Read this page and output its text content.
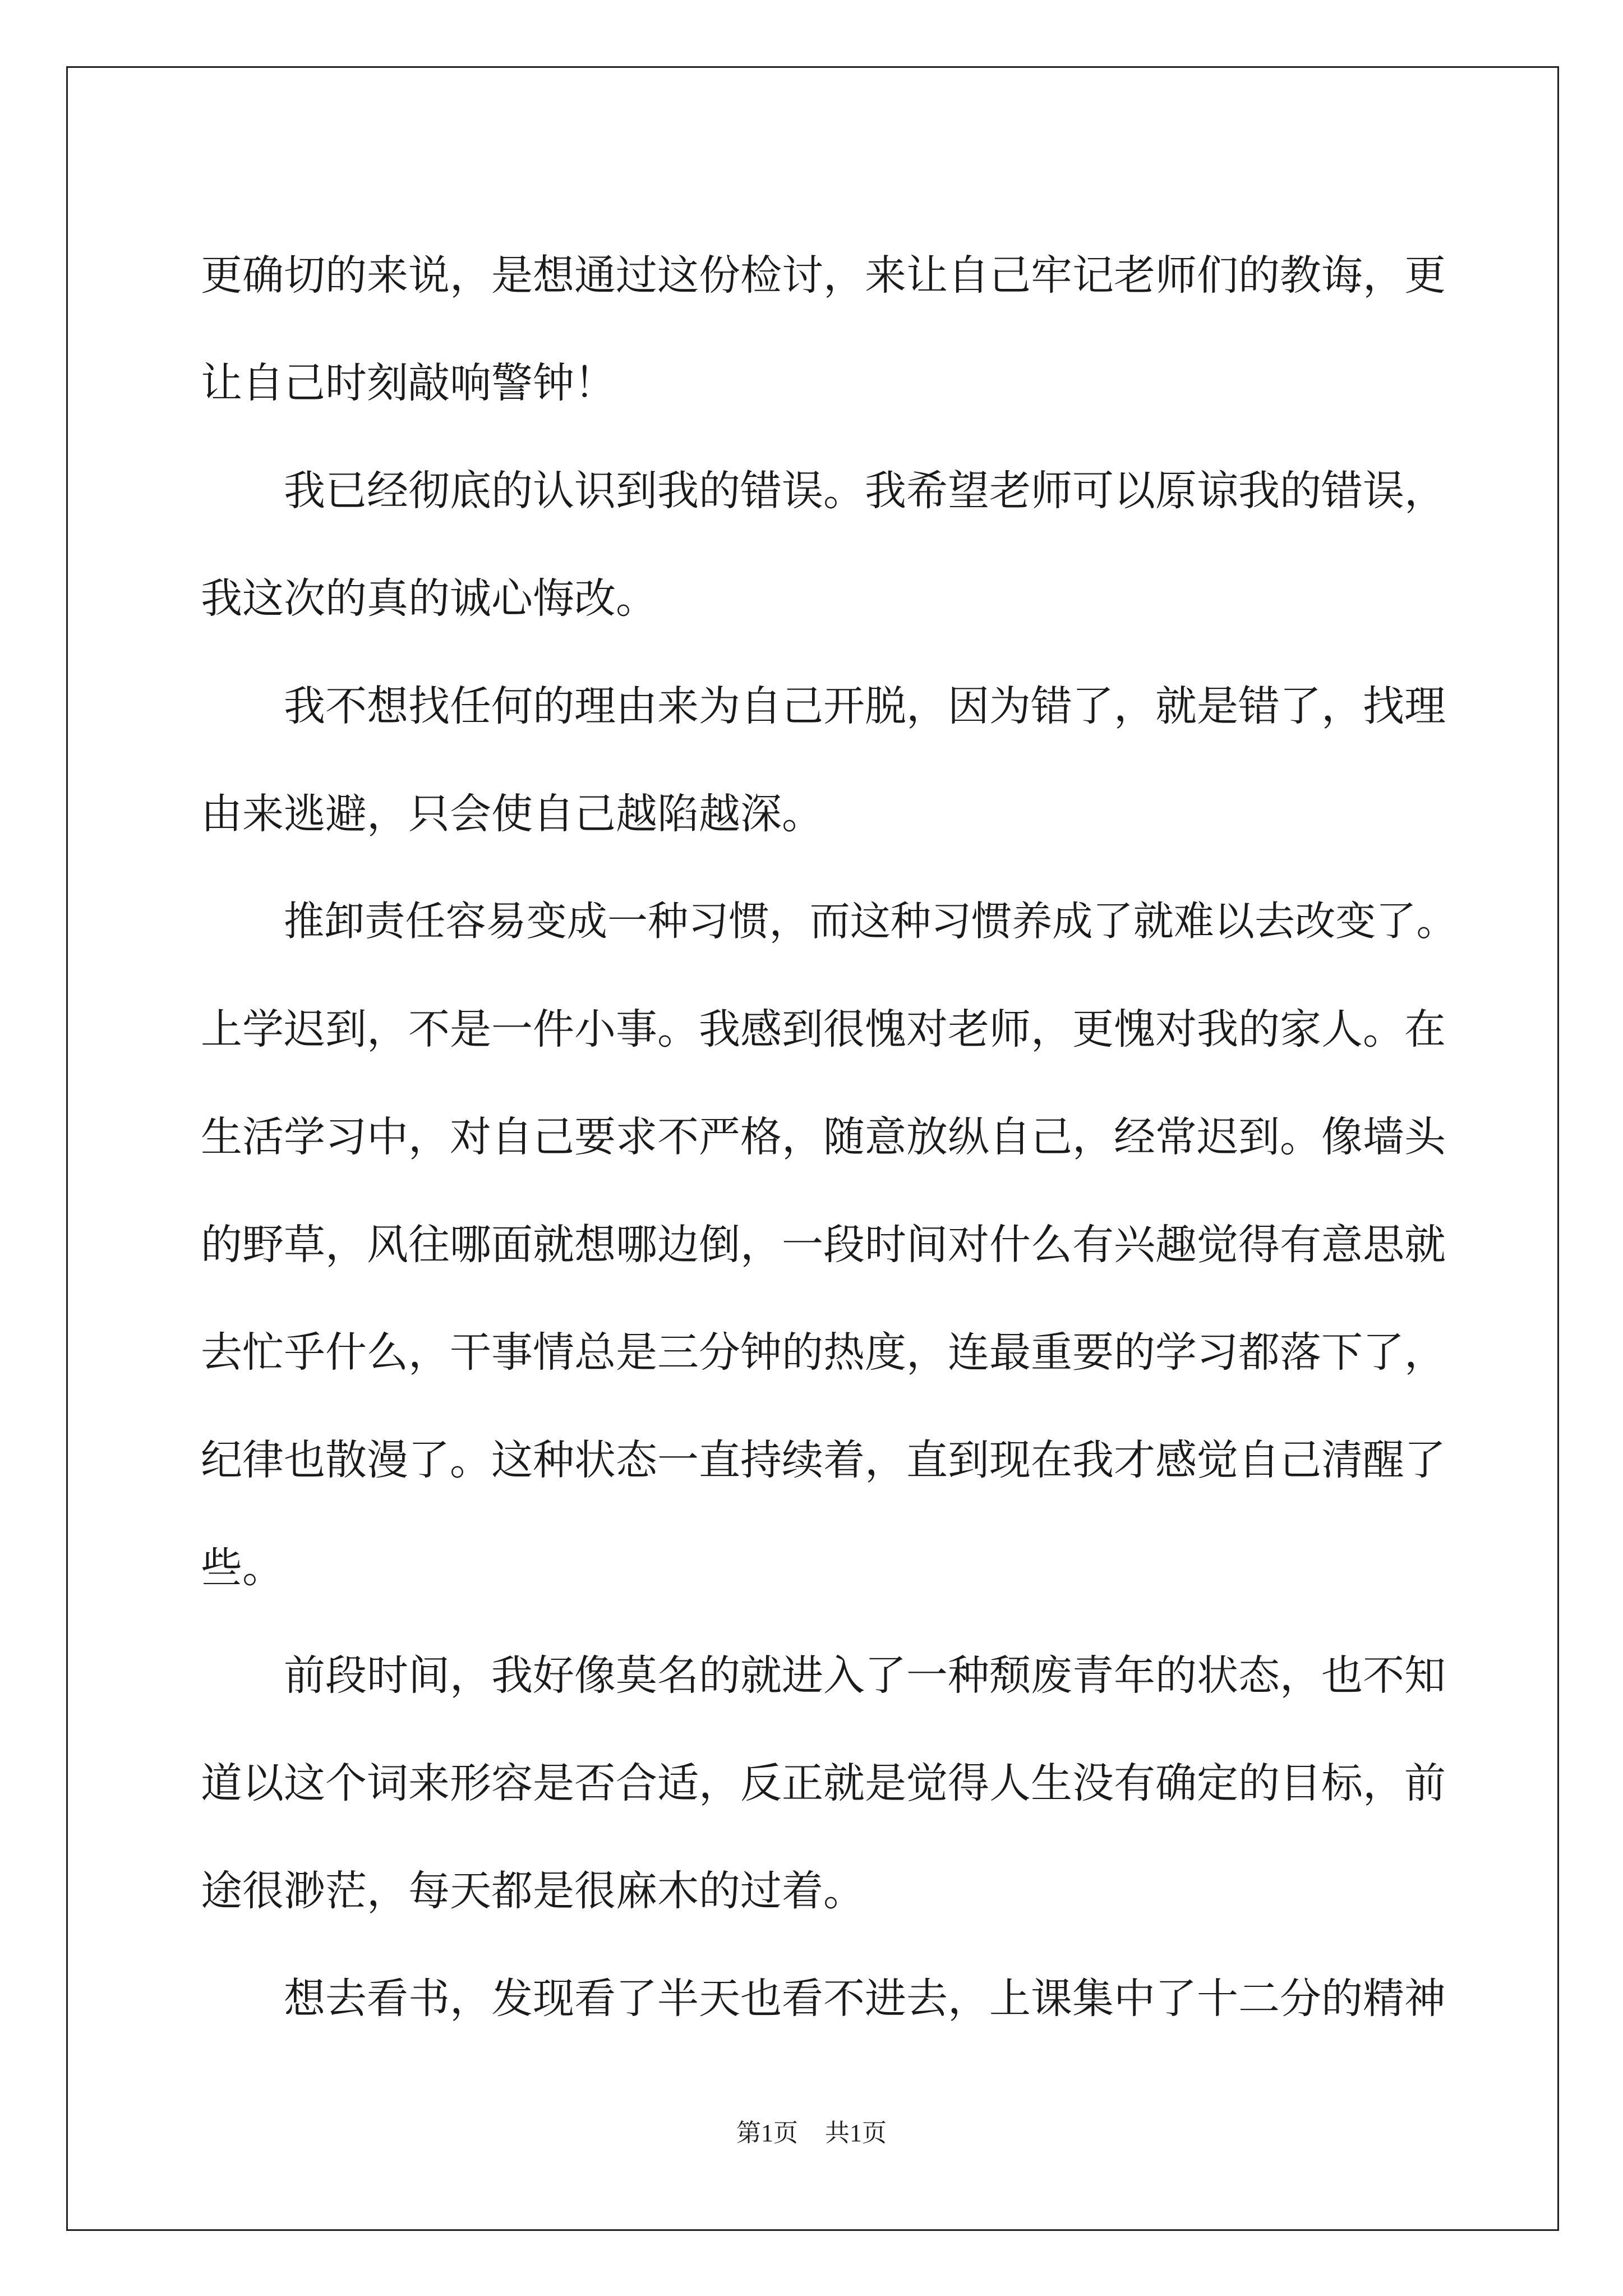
更确切的来说，是想通过这份检讨，来让自己牢记老师们的教诲，更
让自己时刻敲响警钟！
我已经彻底的认识到我的错误。我希望老师可以原谅我的错误，
我这次的真的诚心悔改。
我不想找任何的理由来为自己开脱，因为错了，就是错了，找理
由来逃避，只会使自己越陷越深。
推卸责任容易变成一种习惯，而这种习惯养成了就难以去改变了。
上学迟到，不是一件小事。我感到很愧对老师，更愧对我的家人。在
生活学习中，对自己要求不严格，随意放纵自己，经常迟到。像墙头
的野草，风往哪面就想哪边倒，一段时间对什么有兴趣觉得有意思就
去忙乎什么，干事情总是三分钟的热度，连最重要的学习都落下了，
纪律也散漫了。这种状态一直持续着，直到现在我才感觉自己清醒了
些。
前段时间，我好像莫名的就进入了一种颓废青年的状态，也不知
道以这个词来形容是否合适，反正就是觉得人生没有确定的目标，前
途很渺茫，每天都是很麻木的过着。
想去看书，发现看了半天也看不进去，上课集中了十二分的精神
第1页 共1页
